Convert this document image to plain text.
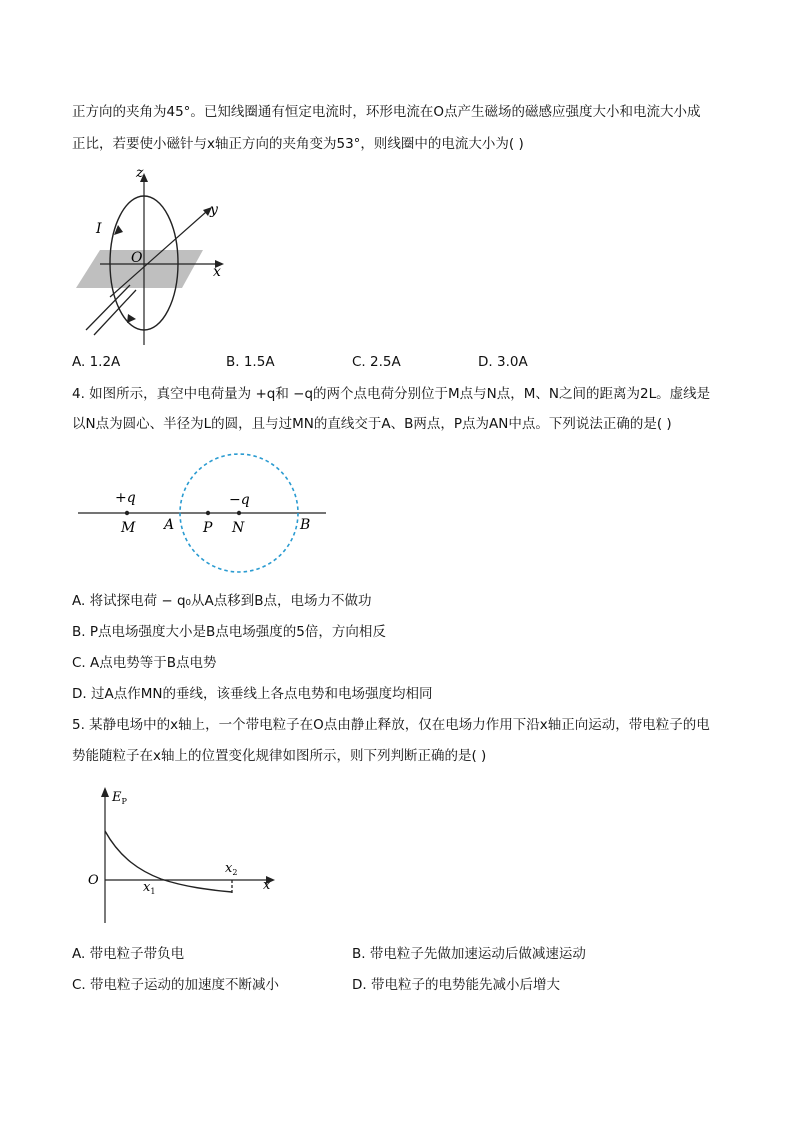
正方向的夹角为45°。已知线圈通有恒定电流时，环形电流在O点产生磁场的磁感应强度大小和电流大小成
正比，若要使小磁针与x轴正方向的夹角变为53°，则线圈中的电流大小为( )
z
y
x
I
O
A. 1.2A	B. 1.5A	C. 2.5A	D. 3.0A
4. 如图所示，真空中电荷量为 +q和 −q的两个点电荷分别位于M点与N点，M、N之间的距离为2L。虚线是
以N点为圆心、半径为L的圆，且与过MN的直线交于A、B两点，P点为AN中点。下列说法正确的是( )
+q	−q
M A P N	B
A. 将试探电荷 − q₀从A点移到B点，电场力不做功
B. P点电场强度大小是B点电场强度的5倍，方向相反
C. A点电势等于B点电势
D. 过A点作MN的垂线，该垂线上各点电势和电场强度均相同
5. 某静电场中的x轴上，一个带电粒子在O点由静止释放，仅在电场力作用下沿x轴正向运动，带电粒子的电
势能随粒子在x轴上的位置变化规律如图所示，则下列判断正确的是( )
$E_P$
O	$x_1$
$x_2$
x
A. 带电粒子带负电	B. 带电粒子先做加速运动后做减速运动
C. 带电粒子运动的加速度不断减小	D. 带电粒子的电势能先减小后增大
